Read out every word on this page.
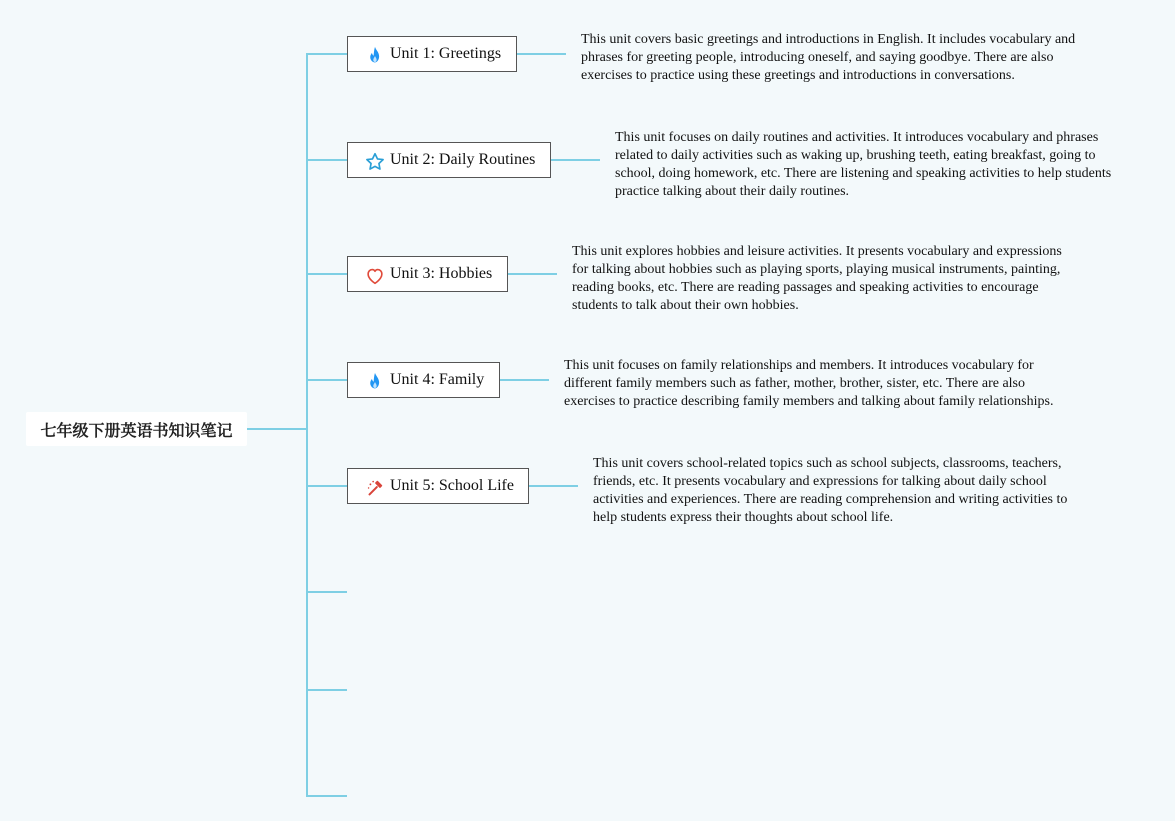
七年级下册英语书知识笔记
Unit 1: Greetings
This unit covers basic greetings and introductions in English. It includes vocabulary and phrases for greeting people, introducing oneself, and saying goodbye. There are also exercises to practice using these greetings and introductions in conversations.
Unit 2: Daily Routines
This unit focuses on daily routines and activities. It introduces vocabulary and phrases related to daily activities such as waking up, brushing teeth, eating breakfast, going to school, doing homework, etc. There are listening and speaking activities to help students practice talking about their daily routines.
Unit 3: Hobbies
This unit explores hobbies and leisure activities. It presents vocabulary and expressions for talking about hobbies such as playing sports, playing musical instruments, painting, reading books, etc. There are reading passages and speaking activities to encourage students to talk about their own hobbies.
Unit 4: Family
This unit focuses on family relationships and members. It introduces vocabulary for different family members such as father, mother, brother, sister, etc. There are also exercises to practice describing family members and talking about family relationships.
Unit 5: School Life
This unit covers school-related topics such as school subjects, classrooms, teachers, friends, etc. It presents vocabulary and expressions for talking about daily school activities and experiences. There are reading comprehension and writing activities to help students express their thoughts about school life.
